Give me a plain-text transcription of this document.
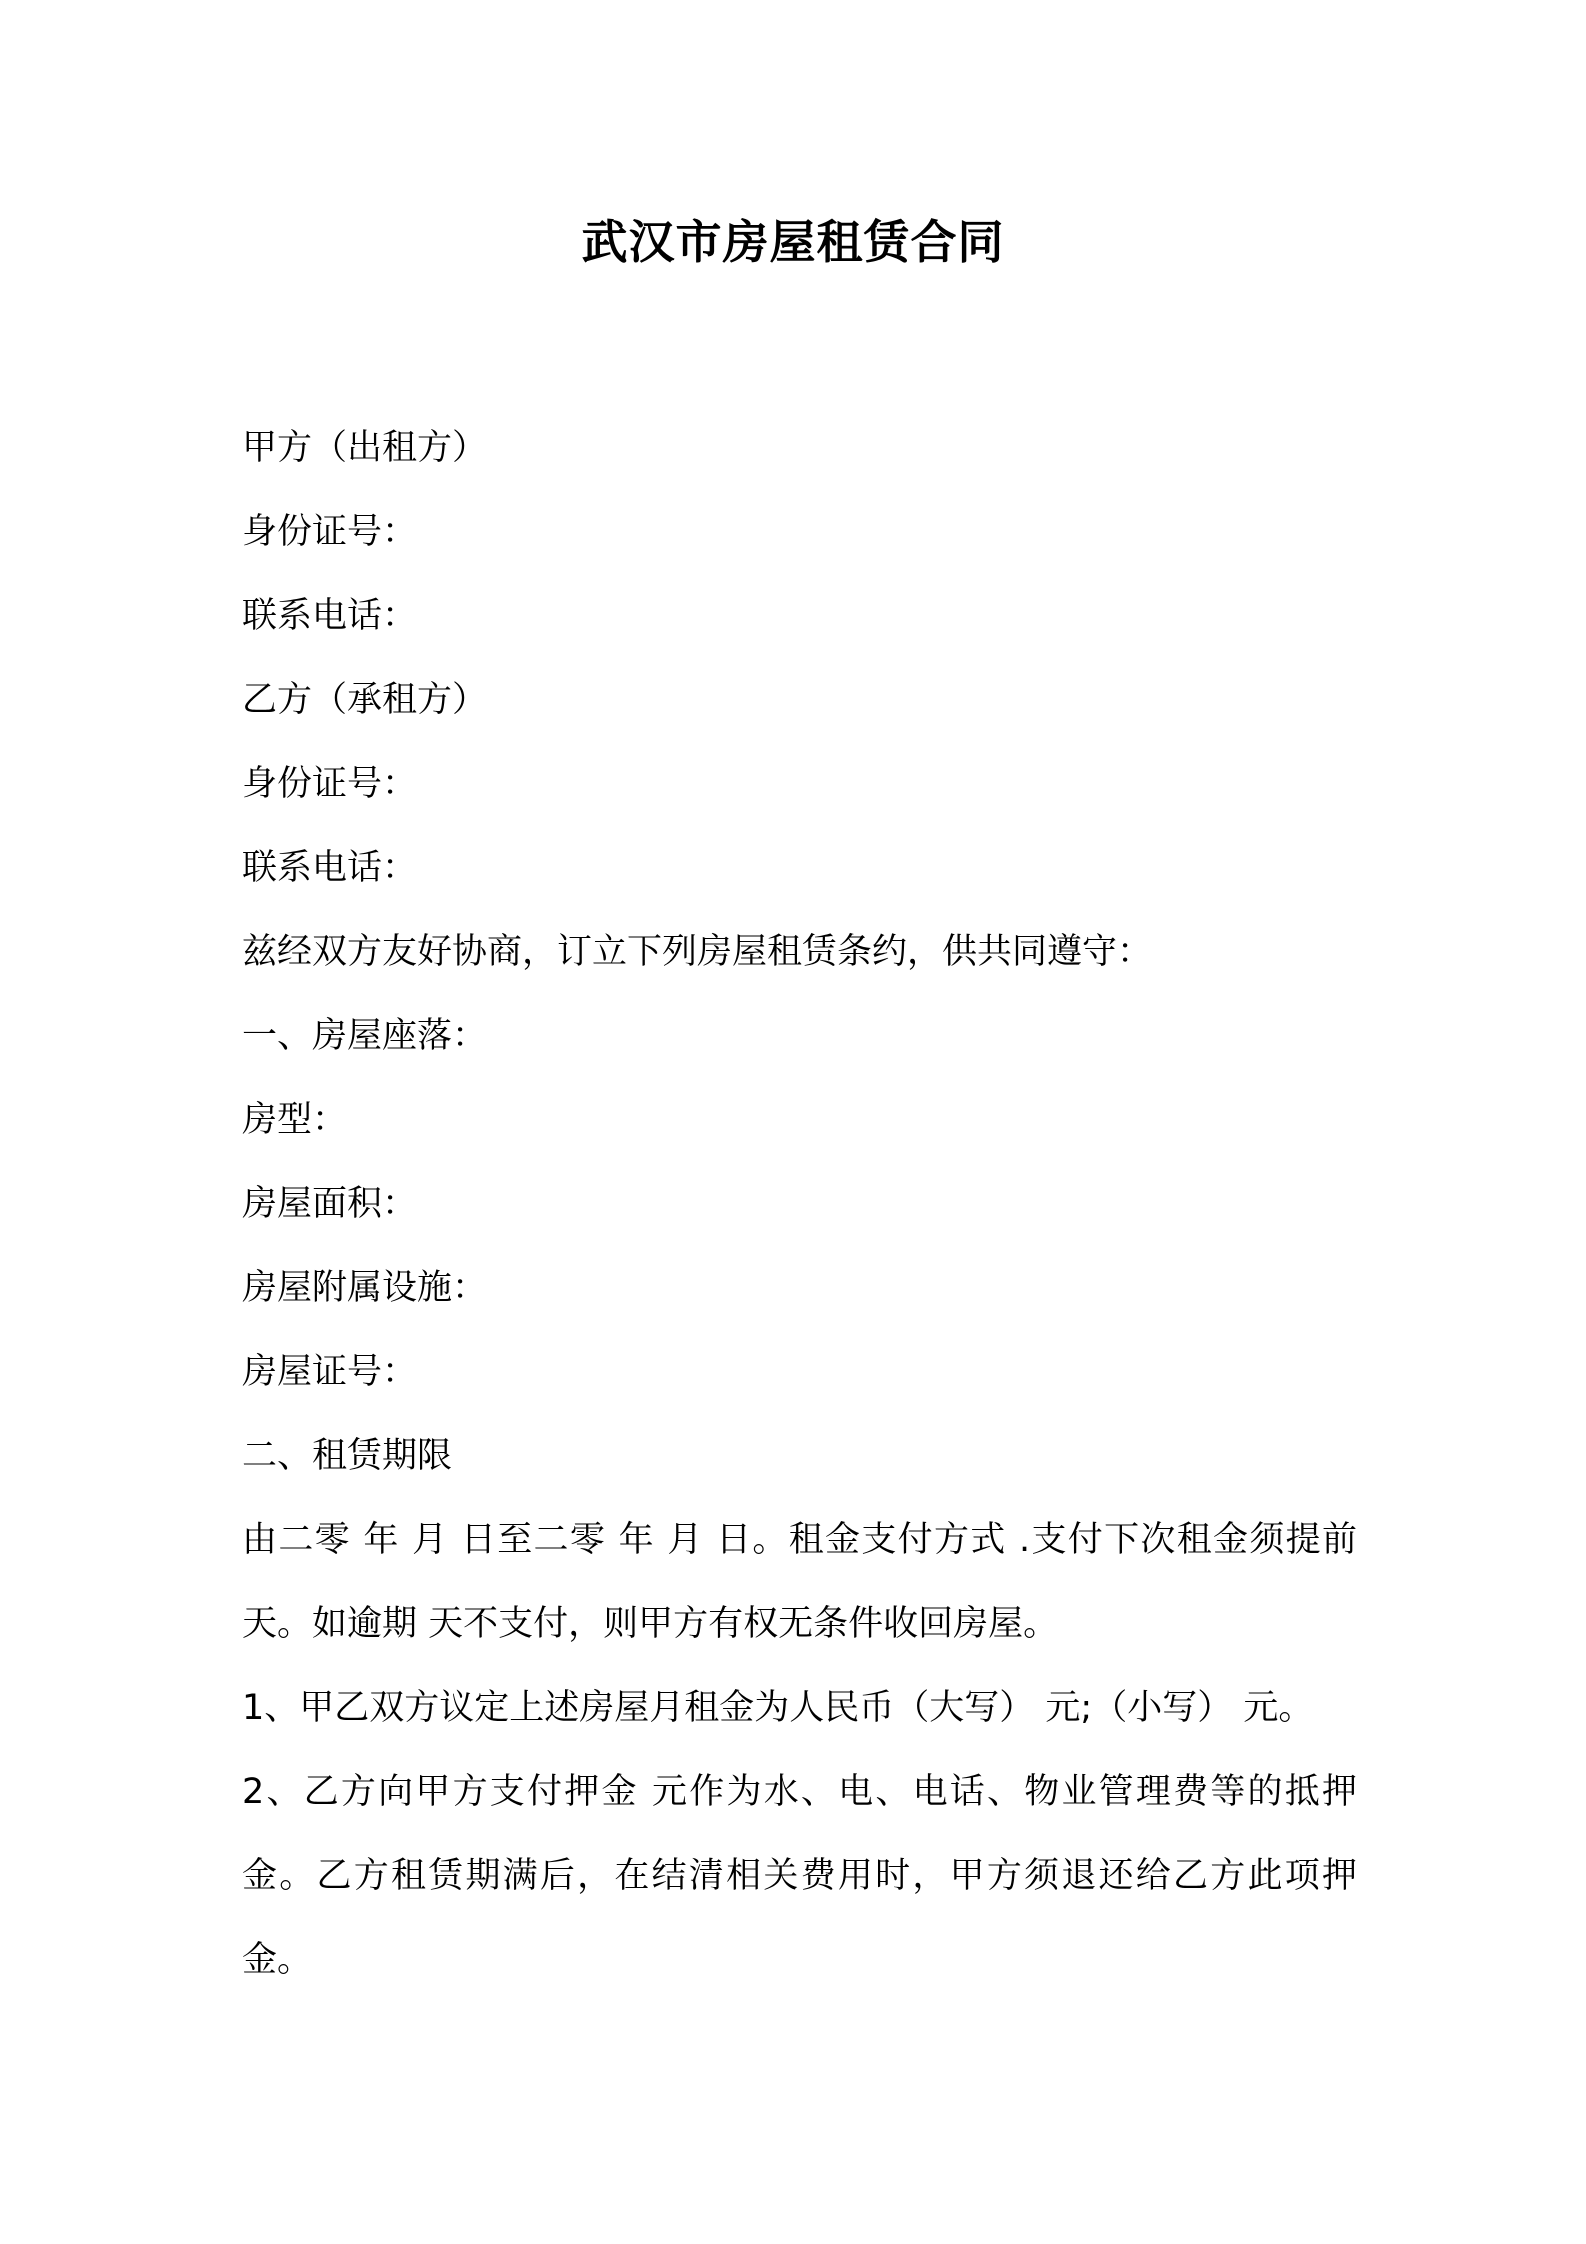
武汉市房屋租赁合同
甲方（出租方）
身份证号：
联系电话：
乙方（承租方）
身份证号：
联系电话：
兹经双方友好协商，订立下列房屋租赁条约，供共同遵守：
一、房屋座落：
房型：
房屋面积：
房屋附属设施：
房屋证号：
二、租赁期限
由二零 年 月 日至二零 年 月 日。租金支付方式 .支付下次租金须提前 天。如逾期 天不支付，则甲方有权无条件收回房屋。
1、甲乙双方议定上述房屋月租金为人民币（大写） 元;（小写） 元。
2、乙方向甲方支付押金 元作为水、电、电话、物业管理费等的抵押金。乙方租赁期满后，在结清相关费用时，甲方须退还给乙方此项押金。
